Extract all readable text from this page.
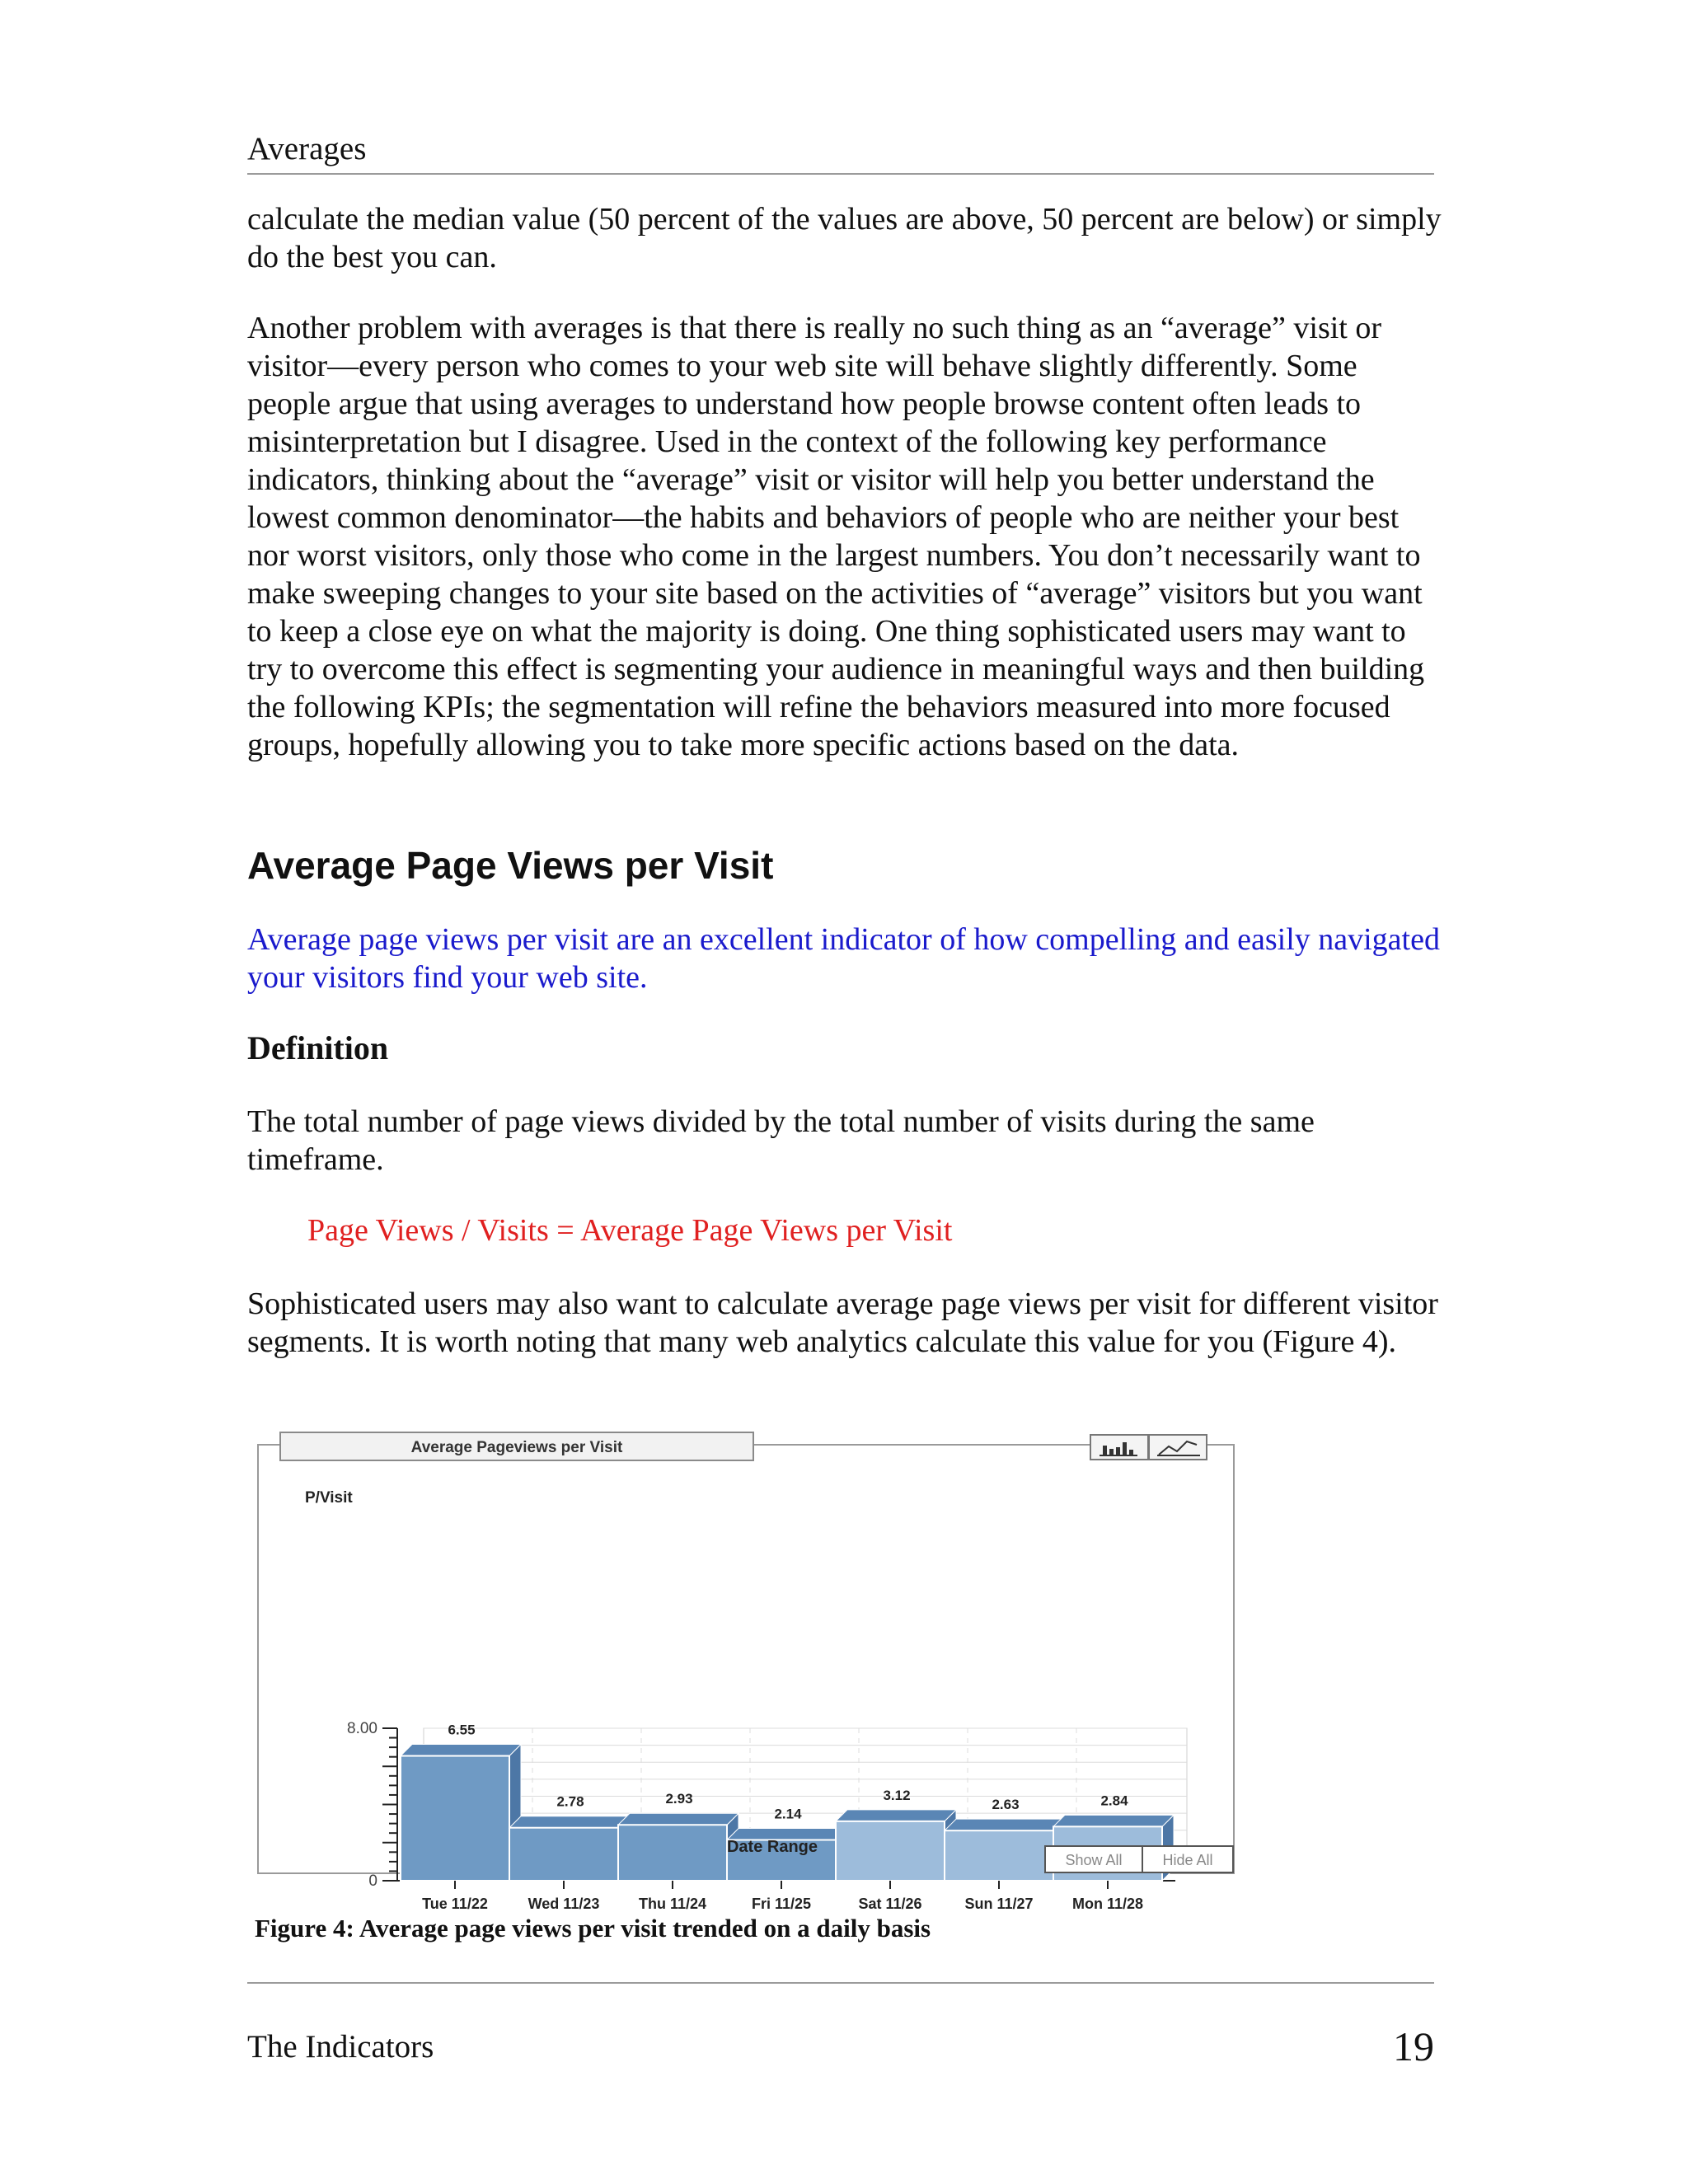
Averages

calculate the median value (50 percent of the values are above, 50 percent are below) or simply do the best you can.

Another problem with averages is that there is really no such thing as an “average” visit or visitor—every person who comes to your web site will behave slightly differently. Some people argue that using averages to understand how people browse content often leads to misinterpretation but I disagree. Used in the context of the following key performance indicators, thinking about the “average” visit or visitor will help you better understand the lowest common denominator—the habits and behaviors of people who are neither your best nor worst visitors, only those who come in the largest numbers. You don’t necessarily want to make sweeping changes to your site based on the activities of “average” visitors but you want to keep a close eye on what the majority is doing. One thing sophisticated users may want to try to overcome this effect is segmenting your audience in meaningful ways and then building the following KPIs; the segmentation will refine the behaviors measured into more focused groups, hopefully allowing you to take more specific actions based on the data.

Average Page Views per Visit

Average page views per visit are an excellent indicator of how compelling and easily navigated your visitors find your web site.

Definition

The total number of page views divided by the total number of visits during the same timeframe.

Page Views / Visits = Average Page Views per Visit

Sophisticated users may also want to calculate average page views per visit for different visitor segments. It is worth noting that many web analytics calculate this value for you (Figure 4).

Average Pageviews per Visit
P/Visit
0
8.00	6.55
2.78	2.93
2.14
3.12
2.63	2.84
Tue 11/22	Wed 11/23	Thu 11/24	Fri 11/25	Sat 11/26	Sun 11/27	Mon 11/28
Date Range
Show All	Hide All

Figure 4: Average page views per visit trended on a daily basis

The Indicators	19
